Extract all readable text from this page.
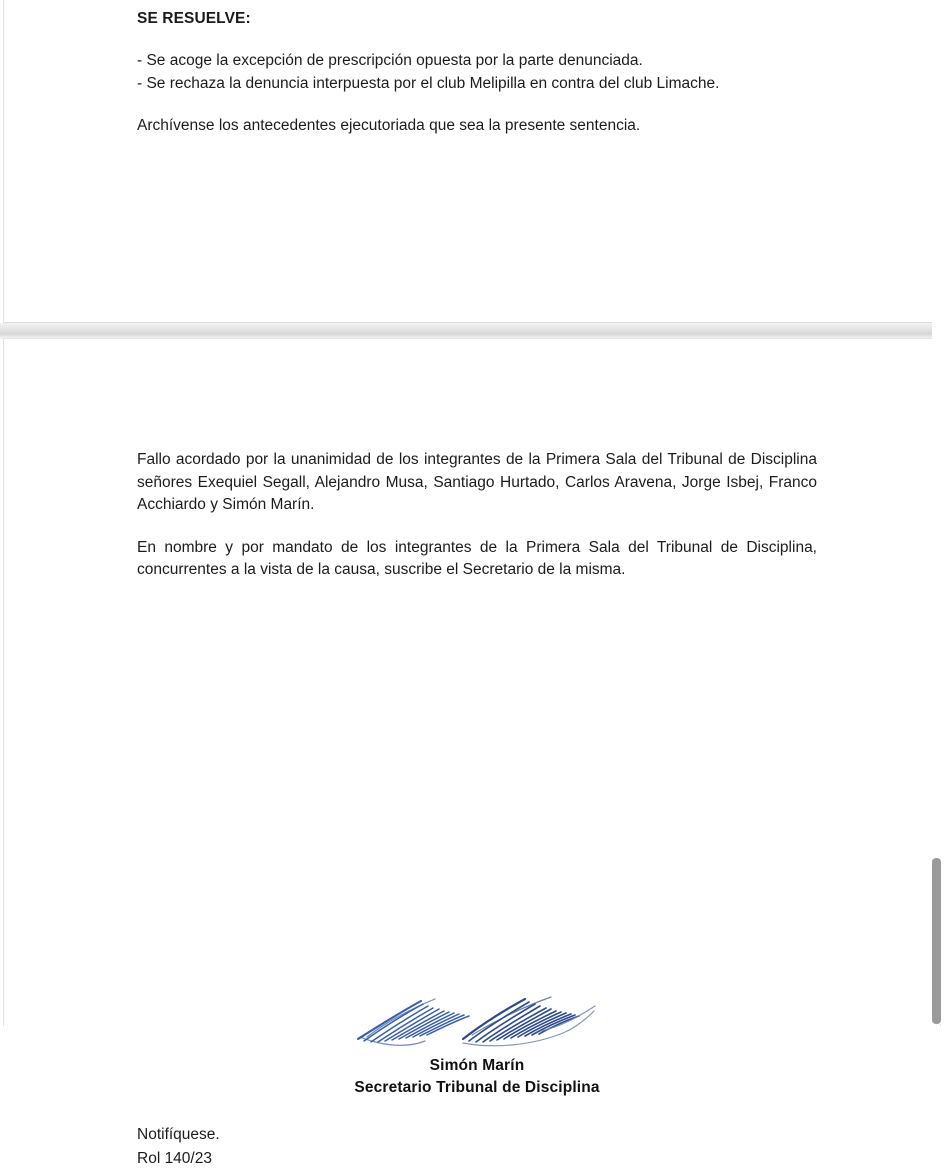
SE RESUELVE:
- Se acoge la excepción de prescripción opuesta por la parte denunciada.
- Se rechaza la denuncia interpuesta por el club Melipilla en contra del club Limache.
Archívense los antecedentes ejecutoriada que sea la presente sentencia.
Fallo acordado por la unanimidad de los integrantes de la Primera Sala del Tribunal de Disciplina señores Exequiel Segall, Alejandro Musa, Santiago Hurtado, Carlos Aravena, Jorge Isbej, Franco Acchiardo y Simón Marín.
En nombre y por mandato de los integrantes de la Primera Sala del Tribunal de Disciplina, concurrentes a la vista de la causa, suscribe el Secretario de la misma.
Simón Marín
Secretario Tribunal de Disciplina
Notifíquese.
Rol 140/23
